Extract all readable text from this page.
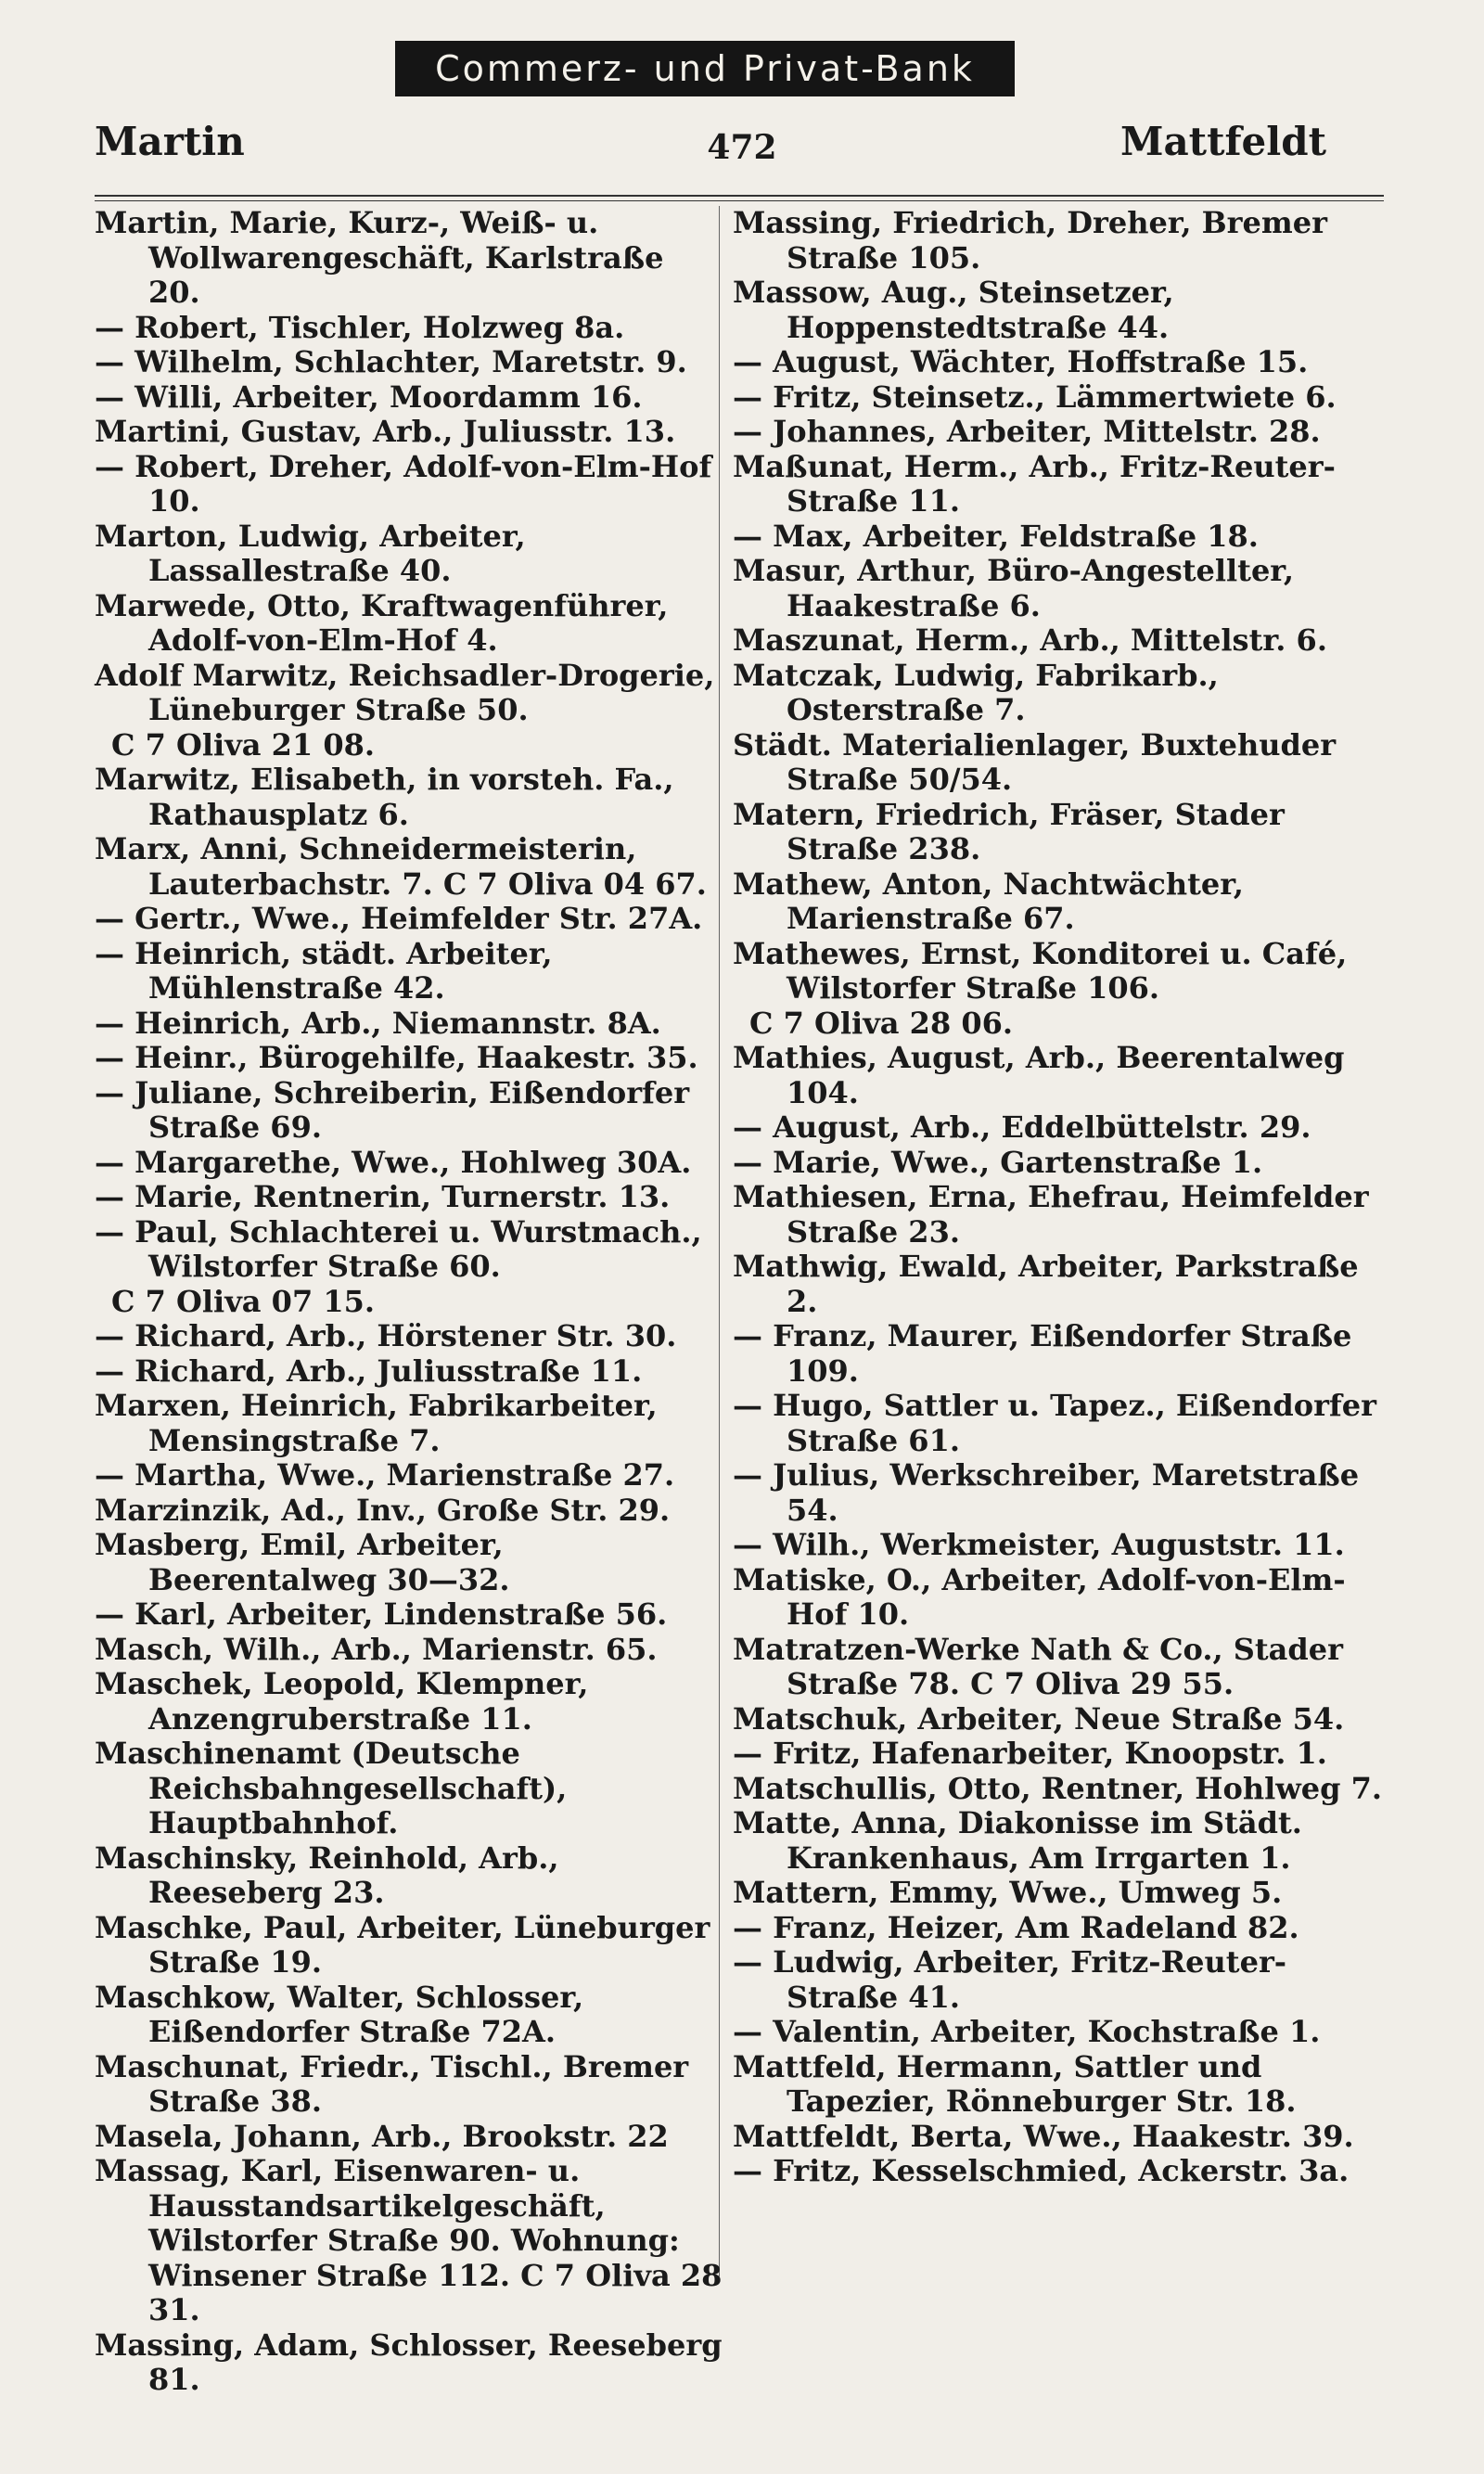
Commerz- und Privat-Bank
Martin	472	Mattfeldt
Martin, Marie, Kurz-, Weiß- u. Wollwarengeschäft, Karlstraße 20.
— Robert, Tischler, Holzweg 8a.
— Wilhelm, Schlachter, Maretstr. 9.
— Willi, Arbeiter, Moordamm 16.
Martini, Gustav, Arb., Juliusstr. 13.
— Robert, Dreher, Adolf-von-Elm-Hof 10.
Marton, Ludwig, Arbeiter, Lassallestraße 40.
Marwede, Otto, Kraftwagenführer, Adolf-von-Elm-Hof 4.
Adolf Marwitz, Reichsadler-Drogerie, Lüneburger Straße 50.
C 7 Oliva 21 08.
Marwitz, Elisabeth, in vorsteh. Fa., Rathausplatz 6.
Marx, Anni, Schneidermeisterin, Lauterbachstr. 7. C 7 Oliva 04 67.
— Gertr., Wwe., Heimfelder Str. 27A.
— Heinrich, städt. Arbeiter, Mühlenstraße 42.
— Heinrich, Arb., Niemannstr. 8A.
— Heinr., Bürogehilfe, Haakestr. 35.
— Juliane, Schreiberin, Eißendorfer Straße 69.
— Margarethe, Wwe., Hohlweg 30A.
— Marie, Rentnerin, Turnerstr. 13.
— Paul, Schlachterei u. Wurstmach., Wilstorfer Straße 60.
C 7 Oliva 07 15.
— Richard, Arb., Hörstener Str. 30.
— Richard, Arb., Juliusstraße 11.
Marxen, Heinrich, Fabrikarbeiter, Mensingstraße 7.
— Martha, Wwe., Marienstraße 27.
Marzinzik, Ad., Inv., Große Str. 29.
Masberg, Emil, Arbeiter, Beerentalweg 30—32.
— Karl, Arbeiter, Lindenstraße 56.
Masch, Wilh., Arb., Marienstr. 65.
Maschek, Leopold, Klempner, Anzengruberstraße 11.
Maschinenamt (Deutsche Reichsbahngesellschaft), Hauptbahnhof.
Maschinsky, Reinhold, Arb., Reeseberg 23.
Maschke, Paul, Arbeiter, Lüneburger Straße 19.
Maschkow, Walter, Schlosser, Eißendorfer Straße 72A.
Maschunat, Friedr., Tischl., Bremer Straße 38.
Masela, Johann, Arb., Brookstr. 22
Massag, Karl, Eisenwaren- u. Hausstandsartikelgeschäft, Wilstorfer Straße 90. Wohnung: Winsener Straße 112. C 7 Oliva 28 31.
Massing, Adam, Schlosser, Reeseberg 81.
Massing, Friedrich, Dreher, Bremer Straße 105.
Massow, Aug., Steinsetzer, Hoppenstedtstraße 44.
— August, Wächter, Hoffstraße 15.
— Fritz, Steinsetz., Lämmertwiete 6.
— Johannes, Arbeiter, Mittelstr. 28.
Maßunat, Herm., Arb., Fritz-Reuter-Straße 11.
— Max, Arbeiter, Feldstraße 18.
Masur, Arthur, Büro-Angestellter, Haakestraße 6.
Maszunat, Herm., Arb., Mittelstr. 6.
Matczak, Ludwig, Fabrikarb., Osterstraße 7.
Städt. Materialienlager, Buxtehuder Straße 50/54.
Matern, Friedrich, Fräser, Stader Straße 238.
Mathew, Anton, Nachtwächter, Marienstraße 67.
Mathewes, Ernst, Konditorei u. Café, Wilstorfer Straße 106.
C 7 Oliva 28 06.
Mathies, August, Arb., Beerentalweg 104.
— August, Arb., Eddelbüttelstr. 29.
— Marie, Wwe., Gartenstraße 1.
Mathiesen, Erna, Ehefrau, Heimfelder Straße 23.
Mathwig, Ewald, Arbeiter, Parkstraße 2.
— Franz, Maurer, Eißendorfer Straße 109.
— Hugo, Sattler u. Tapez., Eißendorfer Straße 61.
— Julius, Werkschreiber, Maretstraße 54.
— Wilh., Werkmeister, Auguststr. 11.
Matiske, O., Arbeiter, Adolf-von-Elm-Hof 10.
Matratzen-Werke Nath & Co., Stader Straße 78. C 7 Oliva 29 55.
Matschuk, Arbeiter, Neue Straße 54.
— Fritz, Hafenarbeiter, Knoopstr. 1.
Matschullis, Otto, Rentner, Hohlweg 7.
Matte, Anna, Diakonisse im Städt. Krankenhaus, Am Irrgarten 1.
Mattern, Emmy, Wwe., Umweg 5.
— Franz, Heizer, Am Radeland 82.
— Ludwig, Arbeiter, Fritz-Reuter-Straße 41.
— Valentin, Arbeiter, Kochstraße 1.
Mattfeld, Hermann, Sattler und Tapezier, Rönneburger Str. 18.
Mattfeldt, Berta, Wwe., Haakestr. 39.
— Fritz, Kesselschmied, Ackerstr. 3a.
